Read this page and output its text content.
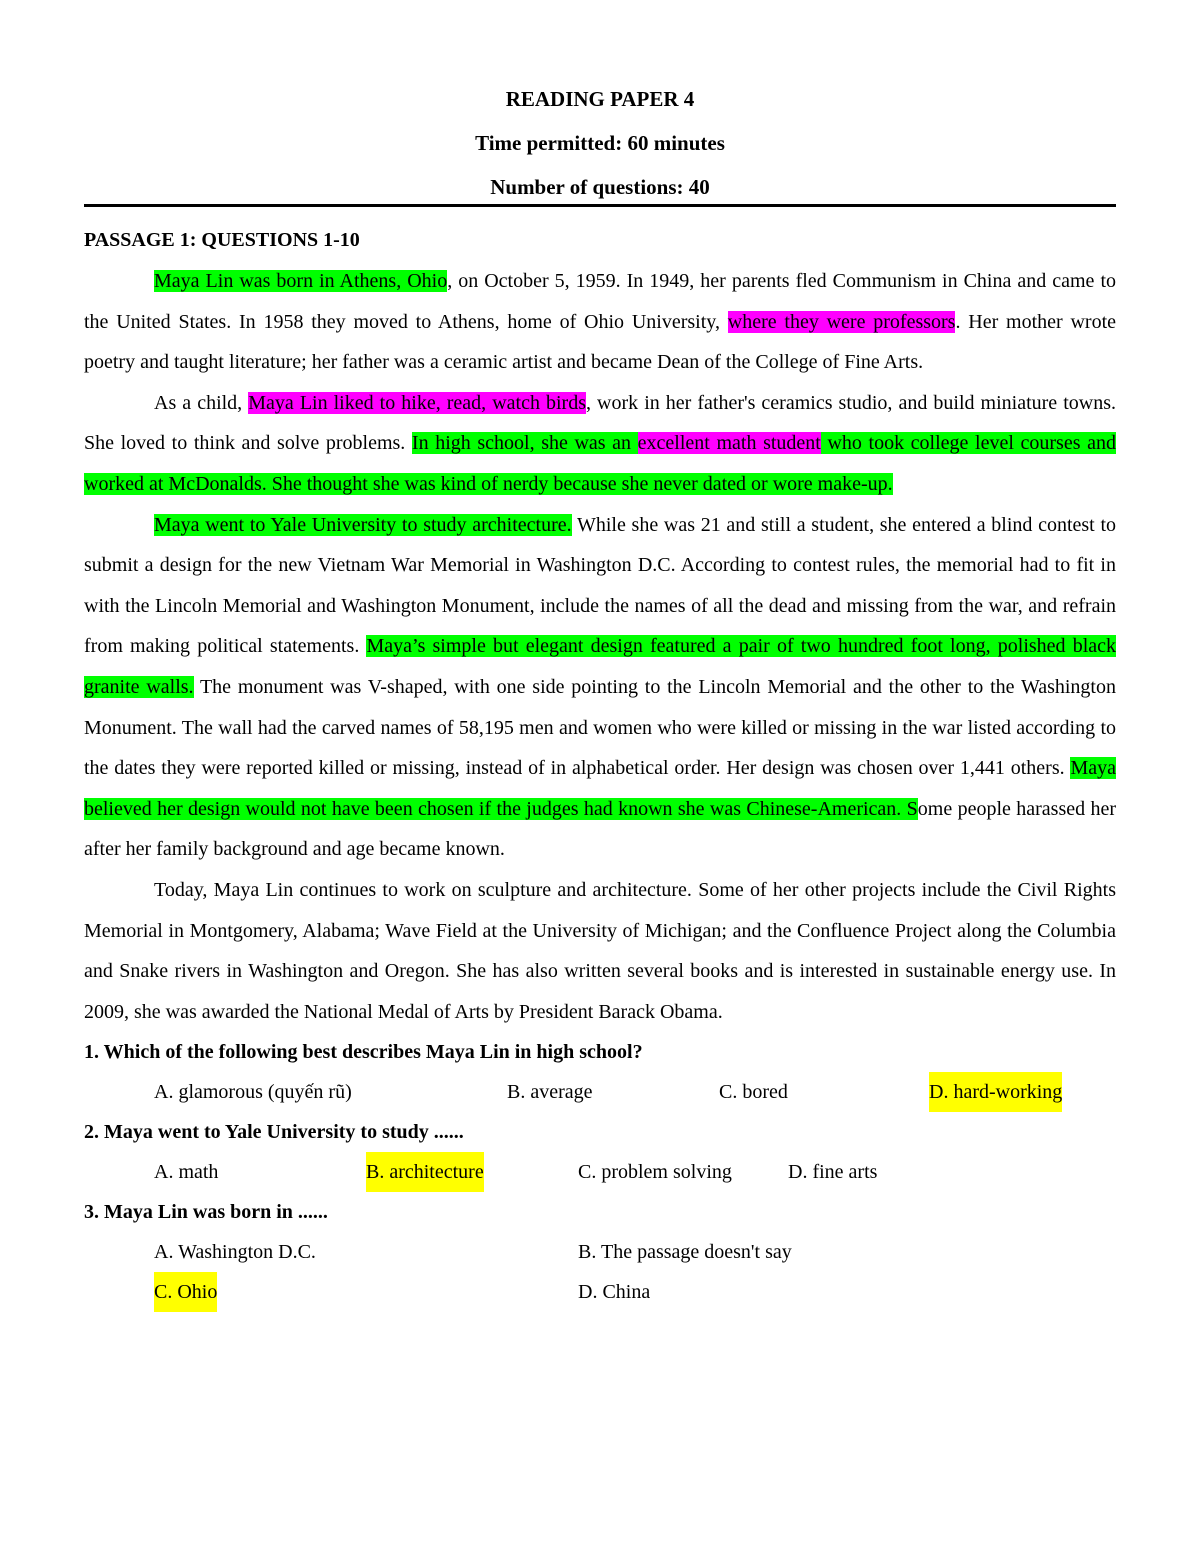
READING PAPER 4
Time permitted: 60 minutes
Number of questions: 40
PASSAGE 1: QUESTIONS 1-10

Maya Lin was born in Athens, Ohio, on October 5, 1959. In 1949, her parents fled Communism in China and came to the United States. In 1958 they moved to Athens, home of Ohio University, where they were professors. Her mother wrote poetry and taught literature; her father was a ceramic artist and became Dean of the College of Fine Arts.

As a child, Maya Lin liked to hike, read, watch birds, work in her father's ceramics studio, and build miniature towns. She loved to think and solve problems. In high school, she was an excellent math student who took college level courses and worked at McDonalds. She thought she was kind of nerdy because she never dated or wore make-up.

Maya went to Yale University to study architecture. While she was 21 and still a student, she entered a blind contest to submit a design for the new Vietnam War Memorial in Washington D.C. According to contest rules, the memorial had to fit in with the Lincoln Memorial and Washington Monument, include the names of all the dead and missing from the war, and refrain from making political statements. Maya’s simple but elegant design featured a pair of two hundred foot long, polished black granite walls. The monument was V-shaped, with one side pointing to the Lincoln Memorial and the other to the Washington Monument. The wall had the carved names of 58,195 men and women who were killed or missing in the war listed according to the dates they were reported killed or missing, instead of in alphabetical order. Her design was chosen over 1,441 others. Maya believed her design would not have been chosen if the judges had known she was Chinese-American. Some people harassed her after her family background and age became known.

Today, Maya Lin continues to work on sculpture and architecture. Some of her other projects include the Civil Rights Memorial in Montgomery, Alabama; Wave Field at the University of Michigan; and the Confluence Project along the Columbia and Snake rivers in Washington and Oregon. She has also written several books and is interested in sustainable energy use. In 2009, she was awarded the National Medal of Arts by President Barack Obama.

1. Which of the following best describes Maya Lin in high school?

A. glamorous (quyến rũ)	B. average	C. bored	D. hard-working

2. Maya went to Yale University to study ......

A. math	B. architecture	C. problem solving	D. fine arts

3. Maya Lin was born in ......

A. Washington D.C.	B. The passage doesn't say
C. Ohio	D. China
